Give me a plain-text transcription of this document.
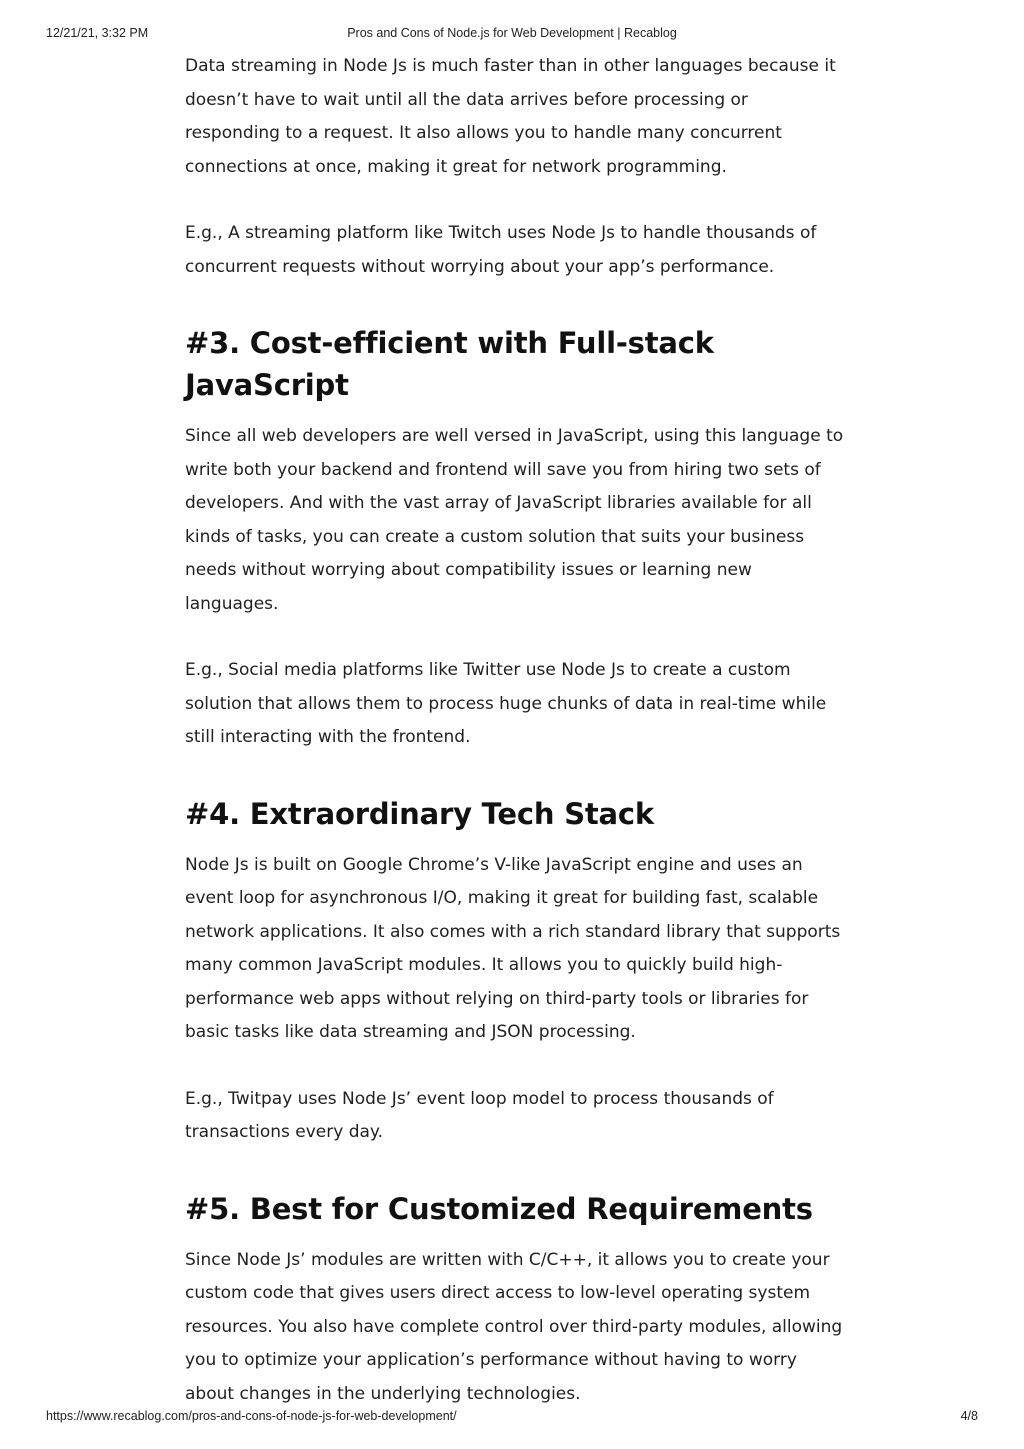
12/21/21, 3:32 PM	Pros and Cons of Node.js for Web Development | Recablog

Data streaming in Node Js is much faster than in other languages because it doesn’t have to wait until all the data arrives before processing or responding to a request. It also allows you to handle many concurrent connections at once, making it great for network programming.

E.g., A streaming platform like Twitch uses Node Js to handle thousands of concurrent requests without worrying about your app’s performance.

#3. Cost-efficient with Full-stack JavaScript

Since all web developers are well versed in JavaScript, using this language to write both your backend and frontend will save you from hiring two sets of developers. And with the vast array of JavaScript libraries available for all kinds of tasks, you can create a custom solution that suits your business needs without worrying about compatibility issues or learning new languages.

E.g., Social media platforms like Twitter use Node Js to create a custom solution that allows them to process huge chunks of data in real-time while still interacting with the frontend.

#4. Extraordinary Tech Stack

Node Js is built on Google Chrome’s V-like JavaScript engine and uses an event loop for asynchronous I/O, making it great for building fast, scalable network applications. It also comes with a rich standard library that supports many common JavaScript modules. It allows you to quickly build high-performance web apps without relying on third-party tools or libraries for basic tasks like data streaming and JSON processing.

E.g., Twitpay uses Node Js’ event loop model to process thousands of transactions every day.

#5. Best for Customized Requirements

Since Node Js’ modules are written with C/C++, it allows you to create your custom code that gives users direct access to low-level operating system resources. You also have complete control over third-party modules, allowing you to optimize your application’s performance without having to worry about changes in the underlying technologies.

https://www.recablog.com/pros-and-cons-of-node-js-for-web-development/	4/8
